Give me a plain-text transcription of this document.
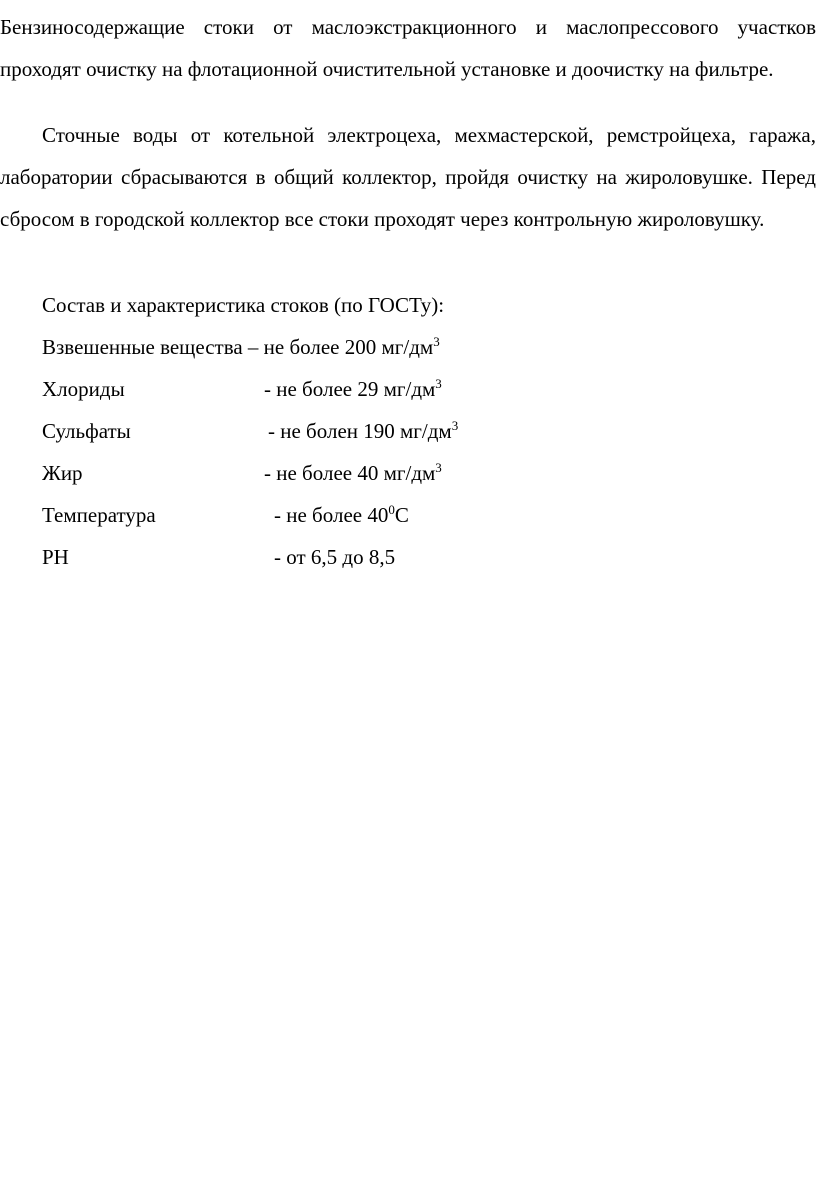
Бензиносодержащие стоки от маслоэкстракционного и маслопрессового участков проходят очистку на флотационной очистительной установке и доочистку на фильтре.

Сточные воды от котельной электроцеха, мехмастерской, ремстройцеха, гаража, лаборатории сбрасываются в общий коллектор, пройдя очистку на жироловушке. Перед сбросом в городской коллектор все стоки проходят через контрольную жироловушку.

Состав и характеристика стоков (по ГОСТу):
Взвешенные вещества – не более 200 $мг/дм^3$
Хлориды	- не более 29 $мг/дм^3$
Сульфаты	- не болен 190 $мг/дм^3$
Жир	- не более 40 $мг/дм^3$
Температура	- не более $40^0С$
РН	- от 6,5 до 8,5
